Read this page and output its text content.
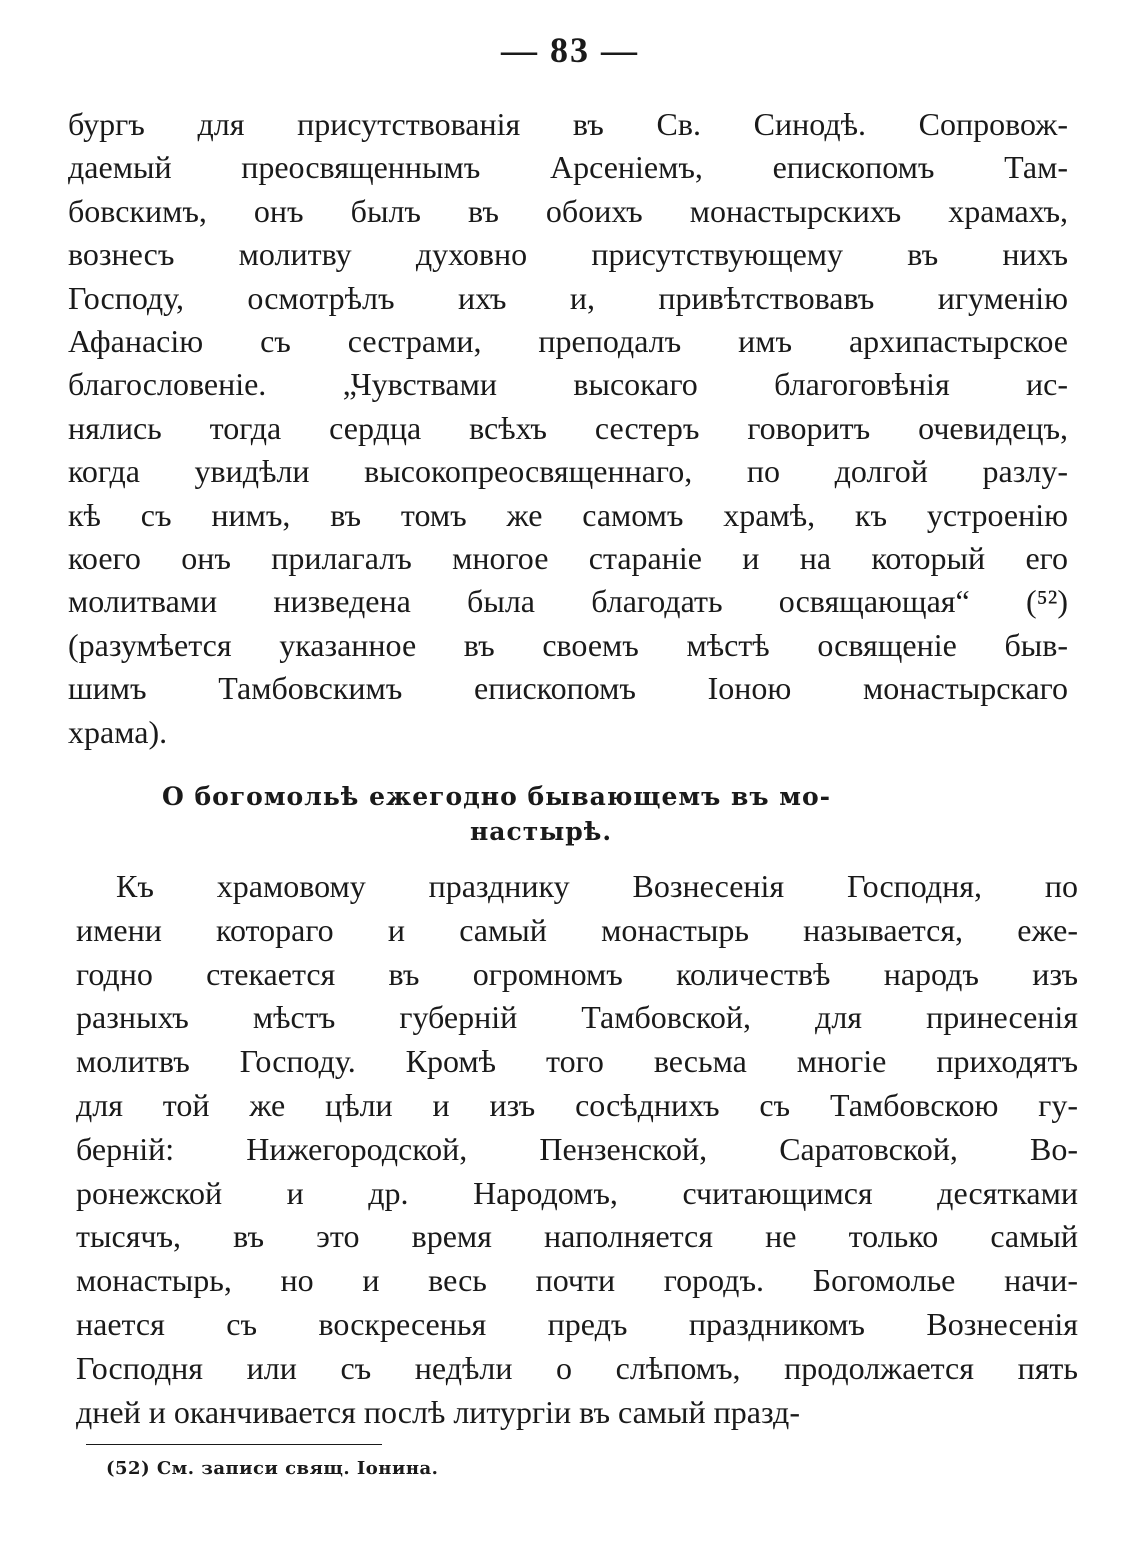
— 83 —
бургъ для присутствованія въ Св. Синодѣ. Сопровож-
даемый преосвященнымъ Арсеніемъ, епископомъ Там-
бовскимъ, онъ былъ въ обоихъ монастырскихъ храмахъ,
вознесъ молитву духовно присутствующему въ нихъ
Господу, осмотрѣлъ ихъ и, привѣтствовавъ игуменію
Афанасію съ сестрами, преподалъ имъ архипастырское
благословеніе. „Чувствами высокаго благоговѣнія ис-
нялись тогда сердца всѣхъ сестеръ говоритъ очевидецъ,
когда увидѣли высокопреосвященнаго, по долгой разлу-
кѣ съ нимъ, въ томъ же самомъ храмѣ, къ устроенію
коего онъ прилагалъ многое стараніе и на который его
молитвами низведена была благодать освящающая“ (⁵²)
(разумѣется указанное въ своемъ мѣстѣ освященіе быв-
шимъ Тамбовскимъ епископомъ Іоною монастырскаго
храма).
О богомольѣ ежегодно бывающемъ въ мо-
настырѣ.
Къ храмовому празднику Вознесенія Господня, по
имени котораго и самый монастырь называется, еже-
годно стекается въ огромномъ количествѣ народъ изъ
разныхъ мѣстъ губерній Тамбовской, для принесенія
молитвъ Господу. Кромѣ того весьма многіе приходятъ
для той же цѣли и изъ сосѣднихъ съ Тамбовскою гу-
берній: Нижегородской, Пензенской, Саратовской, Во-
ронежской и др. Народомъ, считающимся десятками
тысячъ, въ это время наполняется не только самый
монастырь, но и весь почти городъ. Богомолье начи-
нается съ воскресенья предъ праздникомъ Вознесенія
Господня или съ недѣли о слѣпомъ, продолжается пять
дней и оканчивается послѣ литургіи въ самый празд-
(52) См. записи свящ. Іонина.
